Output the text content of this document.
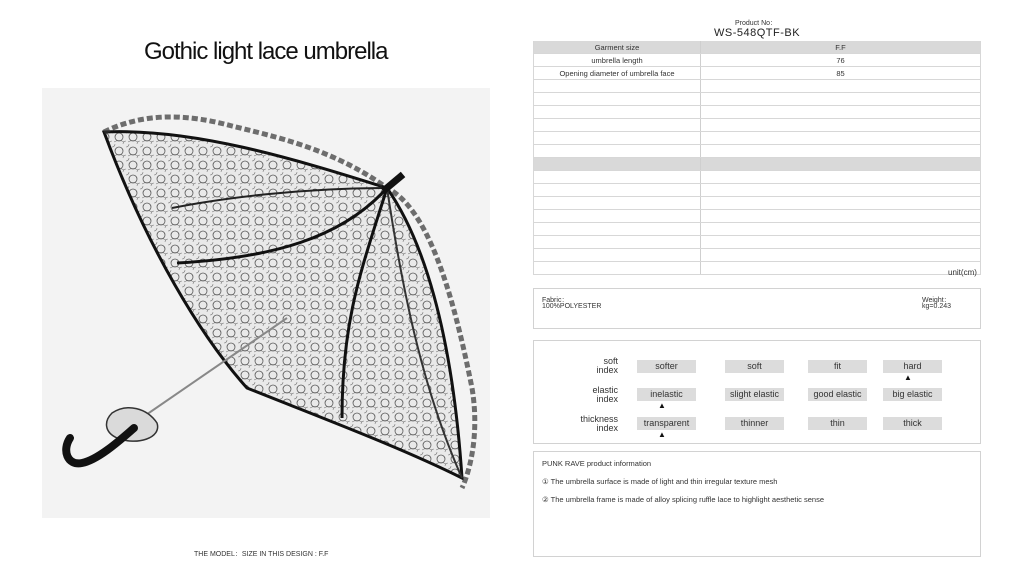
Gothic light lace umbrella
THE MODEL：SIZE IN THIS DESIGN : F.F
Product No：
WS-548QTF-BK
Garment size	F.F
umbrella length	76
Opening diameter of umbrella face	85

unit(cm)
Fabric：
100%POLYESTER
Weight：
kg=0.243
soft
index	softer	soft	fit	hard
▲
elastic
index	inelastic	slight elastic	good elastic	big elastic
▲
thickness
index	transparent	thinner	thin	thick
▲
PUNK RAVE product information
① The umbrella surface is made of light and thin irregular texture mesh
② The umbrella frame is made of alloy splicing ruffle lace to highlight aesthetic sense
